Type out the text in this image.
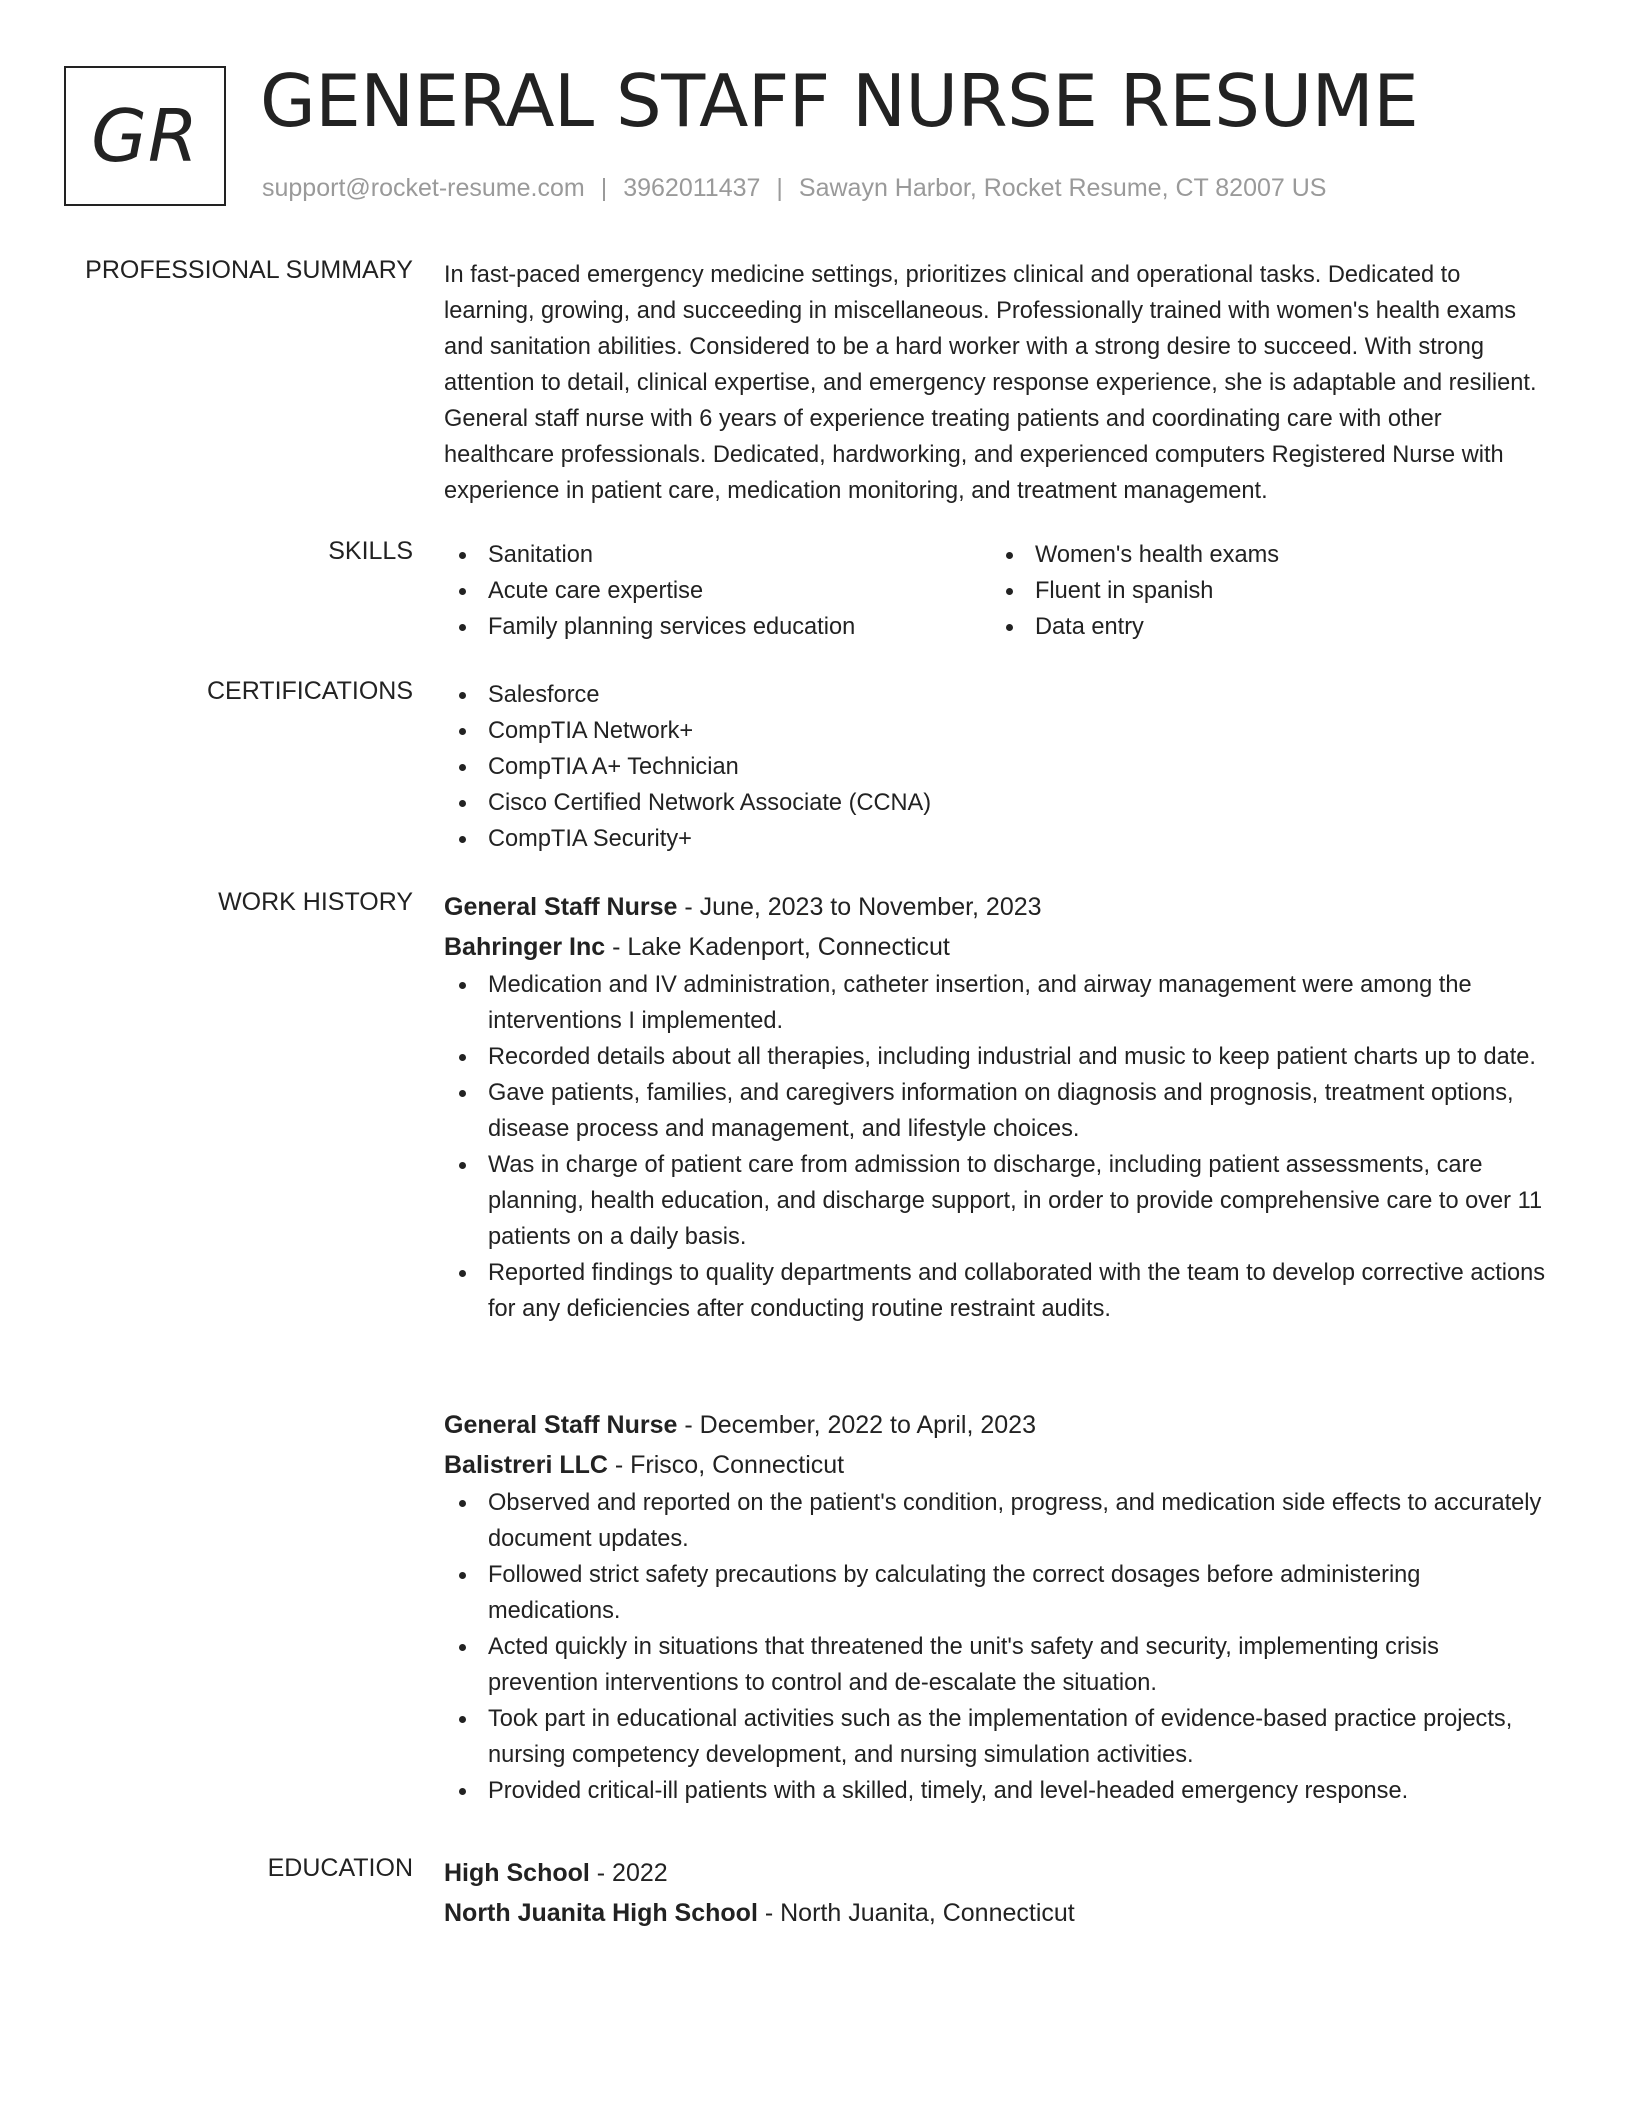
GR GENERAL STAFF NURSE RESUME
support@rocket-resume.com | 3962011437 | Sawayn Harbor, Rocket Resume, CT 82007 US
PROFESSIONAL SUMMARY In fast-paced emergency medicine settings, prioritizes clinical and operational tasks. Dedicated to learning, growing, and succeeding in miscellaneous. Professionally trained with women's health exams and sanitation abilities. Considered to be a hard worker with a strong desire to succeed. With strong attention to detail, clinical expertise, and emergency response experience, she is adaptable and resilient. General staff nurse with 6 years of experience treating patients and coordinating care with other healthcare professionals. Dedicated, hardworking, and experienced computers Registered Nurse with experience in patient care, medication monitoring, and treatment management.

SKILLS	Sanitation
Acute care expertise
Family planning services education
Women's health exams
Fluent in spanish
Data entry
CERTIFICATIONS	Salesforce
CompTIA Network+
CompTIA A+ Technician
Cisco Certified Network Associate (CCNA)
CompTIA Security+
WORK HISTORY General Staff Nurse - June, 2023 to November, 2023
Bahringer Inc - Lake Kadenport, Connecticut
Medication and IV administration, catheter insertion, and airway management were among the interventions I implemented.
Recorded details about all therapies, including industrial and music to keep patient charts up to date.
Gave patients, families, and caregivers information on diagnosis and prognosis, treatment options, disease process and management, and lifestyle choices.
Was in charge of patient care from admission to discharge, including patient assessments, care planning, health education, and discharge support, in order to provide comprehensive care to over 11 patients on a daily basis.
Reported findings to quality departments and collaborated with the team to develop corrective actions for any deficiencies after conducting routine restraint audits.
General Staff Nurse - December, 2022 to April, 2023
Balistreri LLC - Frisco, Connecticut
Observed and reported on the patient's condition, progress, and medication side effects to accurately document updates.
Followed strict safety precautions by calculating the correct dosages before administering medications.
Acted quickly in situations that threatened the unit's safety and security, implementing crisis prevention interventions to control and de-escalate the situation.
Took part in educational activities such as the implementation of evidence-based practice projects, nursing competency development, and nursing simulation activities.
Provided critical-ill patients with a skilled, timely, and level-headed emergency response.
EDUCATION High School - 2022
North Juanita High School - North Juanita, Connecticut
